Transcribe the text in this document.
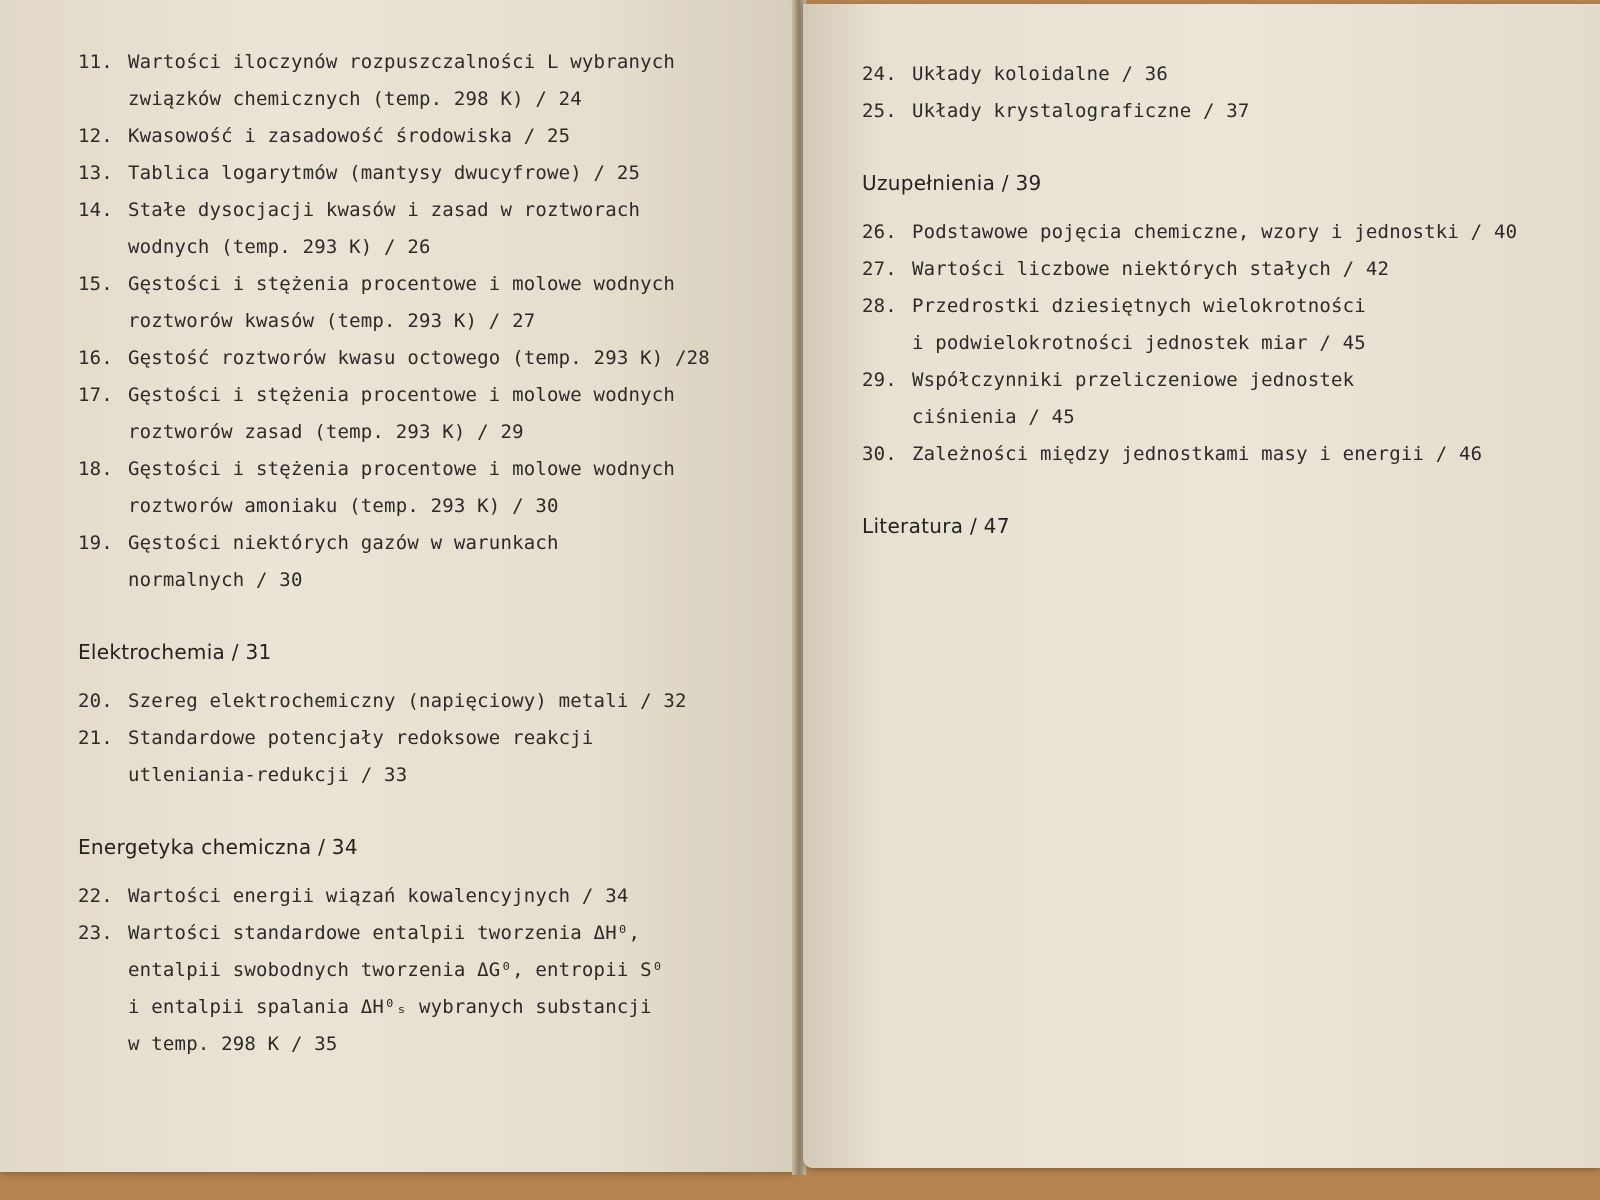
11. Wartości iloczynów rozpuszczalności L wybranych
związków chemicznych (temp. 298 K) / 24
12. Kwasowość i zasadowość środowiska / 25
13. Tablica logarytmów (mantysy dwucyfrowe) / 25
14. Stałe dysocjacji kwasów i zasad w roztworach
wodnych (temp. 293 K) / 26
15. Gęstości i stężenia procentowe i molowe wodnych
roztworów kwasów (temp. 293 K) / 27
16. Gęstość roztworów kwasu octowego (temp. 293 K) /28
17. Gęstości i stężenia procentowe i molowe wodnych
roztworów zasad (temp. 293 K) / 29
18. Gęstości i stężenia procentowe i molowe wodnych
roztworów amoniaku (temp. 293 K) / 30
19. Gęstości niektórych gazów w warunkach
normalnych / 30
Elektrochemia / 31
20. Szereg elektrochemiczny (napięciowy) metali / 32
21. Standardowe potencjały redoksowe reakcji
utleniania-redukcji / 33
Energetyka chemiczna / 34
22. Wartości energii wiązań kowalencyjnych / 34
23. Wartości standardowe entalpii tworzenia ΔH⁰,
entalpii swobodnych tworzenia ΔG⁰, entropii S⁰
i entalpii spalania ΔH⁰ₛ wybranych substancji
w temp. 298 K / 35
24. Układy koloidalne / 36
25. Układy krystalograficzne / 37
Uzupełnienia / 39
26. Podstawowe pojęcia chemiczne, wzory i jednostki / 40
27. Wartości liczbowe niektórych stałych / 42
28. Przedrostki dziesiętnych wielokrotności
i podwielokrotności jednostek miar / 45
29. Współczynniki przeliczeniowe jednostek
ciśnienia / 45
30. Zależności między jednostkami masy i energii / 46
Literatura / 47
